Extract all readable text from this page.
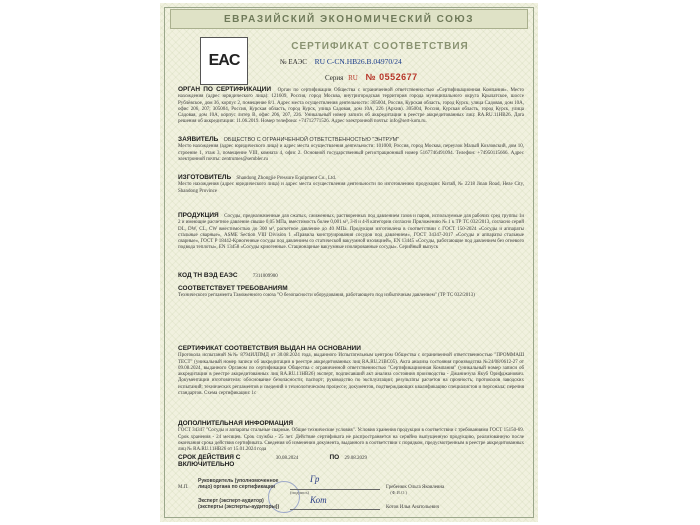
ЕВРАЗИЙСКИЙ ЭКОНОМИЧЕСКИЙ СОЮЗ
EAC
СЕРТИФИКАТ СООТВЕТСТВИЯ
№ ЕАЭС RU С-CN.НВ26.В.04970/24
Серия RU № 0552677
ОРГАН ПО СЕРТИФИКАЦИИ Орган по сертификации Общества с ограниченной ответственностью «Сертификационная Компания». Место нахождения (адрес юридического лица): 121609, Россия, город Москва, внутригородская территория города муниципального округа Крылатское, шоссе Рублёвское, дом 36, корпус 2, помещение 8/1. Адрес места осуществления деятельности: 305004, Россия, Курская область, город Курск, улица Садовая, дом 10А, офис 206, 207; 305004, Россия, Курская область, город Курск, улица Садовая, дом 10А, 226 (Архив). 305004, Россия, Курская область, город Курск, улица Садовая, дом 10А, корпус литер В, офис 206, 207, 226. Уникальный номер записи об аккредитации в реестре аккредитованных лиц: RA.RU.11НВ26. Дата решения об аккредитации: 11.06.2019. Номер телефона: +74712771526. Адрес электронной почты: info@sert-kom.ru.
ЗАЯВИТЕЛЬ ОБЩЕСТВО С ОГРАНИЧЕННОЙ ОТВЕТСТВЕННОСТЬЮ "ЭНТРУМ"
Место нахождения (адрес юридического лица) и адрес места осуществления деятельности: 101000, Россия, город Москва, переулок Малый Козловский, дом 10, строение 1, этаж 3, помещение VIII, комната 4, офис 2. Основной государственный регистрационный номер 5167746491094. Телефон: +74950115666. Адрес электронной почты: zentrumes@sembler.ru
ИЗГОТОВИТЕЛЬ Shandong Zhongjie Pressure Equipment Co., Ltd.
Место нахождения (адрес юридического лица) и адрес места осуществления деятельности по изготовлению продукции: Китай, № 2218 Jinan Road, Heze City, Shandong Province
ПРОДУКЦИЯ Сосуды, предназначенные для сжатых, сжиженных, растворенных под давлением газов и паров, используемые для рабочих сред группы 1и 2 и имеющие расчетное давление свыше 0,05 МПа, вместимость более 0,001 м³, 3-й и 4-й категории согласно Приложению № 1 к ТР ТС 032/2013, согласно серий DL, DW, CL, CW вместимостью до 300 м³, расчетное давление до 40 МПа. Продукция изготовлена в соответствии с ГОСТ 150-2024 «Сосуды и аппараты стальные сварные», ASME Section VIII Division 1 «Правила конструирования сосудов под давлением», ГОСТ 34347-2017 «Сосуды и аппараты стальные сварные», ГОСТ Р 18442-Криогенные сосуды под давлением со статической вакуумной изоляцией», EN 13445 «Сосуды, работающие под давлением без огневого подвода теплоты», EN 13458 «Сосуды криогенные. Стационарные вакуумные изолированные сосуды». Серийный выпуск
КОД ТН ВЭД ЕАЭС	7311009900
СООТВЕТСТВУЕТ ТРЕБОВАНИЯМ
Технического регламента Таможенного союза "О безопасности оборудования, работающего под избыточным давлением" (ТР ТС 032/2013)
СЕРТИФИКАТ СООТВЕТСТВИЯ ВЫДАН НА ОСНОВАНИИ
Протокола испытаний №№ 8794ИЛПМД от 30.08.2024 года, выданного Испытательным центром Общества с ограниченной ответственностью "ПРОММАШ ТЕСТ" (уникальный номер записи об аккредитации в реестре аккредитованных лиц RA.RU.21ВС05). Акта анализа состояния производства №24/08/0612-27 от 09.08.2024, выданного Органом по сертификации Общества с ограниченной ответственностью "Сертификационная Компания" (уникальный номер записи об аккредитации в реестре аккредитованных лиц RA.RU.11НВ26) эксперт, подписавший акт анализа состояния производства - Джаниезуза Якуб Орифджанович. Документации изготовителя: обоснование безопасности; паспорт; руководство по эксплуатации; результаты расчетов на прочность; протоколов заводских испытаний; технических регламентов и сведений о технологическом процессе; документов, подтверждающих квалификацию специалистов и персонала; перечня стандартов. Схема сертификации: 1с
ДОПОЛНИТЕЛЬНАЯ ИНФОРМАЦИЯ
ГОСТ 34347 "Сосуды и аппараты стальные сварные. Общие технические условия". Условия хранения продукции в соответствии с требованиями ГОСТ 15150-69. Срок хранения - 24 месяцев. Срок службы - 25 лет. Действие сертификата не распространяется на серийно выпущенную продукцию, реализованную после окончания срока действия сертификата. Сведения об изменении документа, выданного в соответствии с порядком, предусмотренным в реестре аккредитованных лиц № RA.RU.11НВ26 от 15.01.2024 года
СРОК ДЕЙСТВИЯ С	30.08.2024	ПО 29.08.2029
ВКЛЮЧИТЕЛЬНО
М.П.
Руководитель (уполномоченное лицо) органа по сертификации	Гребенюк Ольга Яковлевна
(подпись)	(Ф.И.О.)
Гр
Эксперт (эксперт-аудитор) (эксперты (эксперты-аудиторы))	Котов Илья Анатольевич
Кот
